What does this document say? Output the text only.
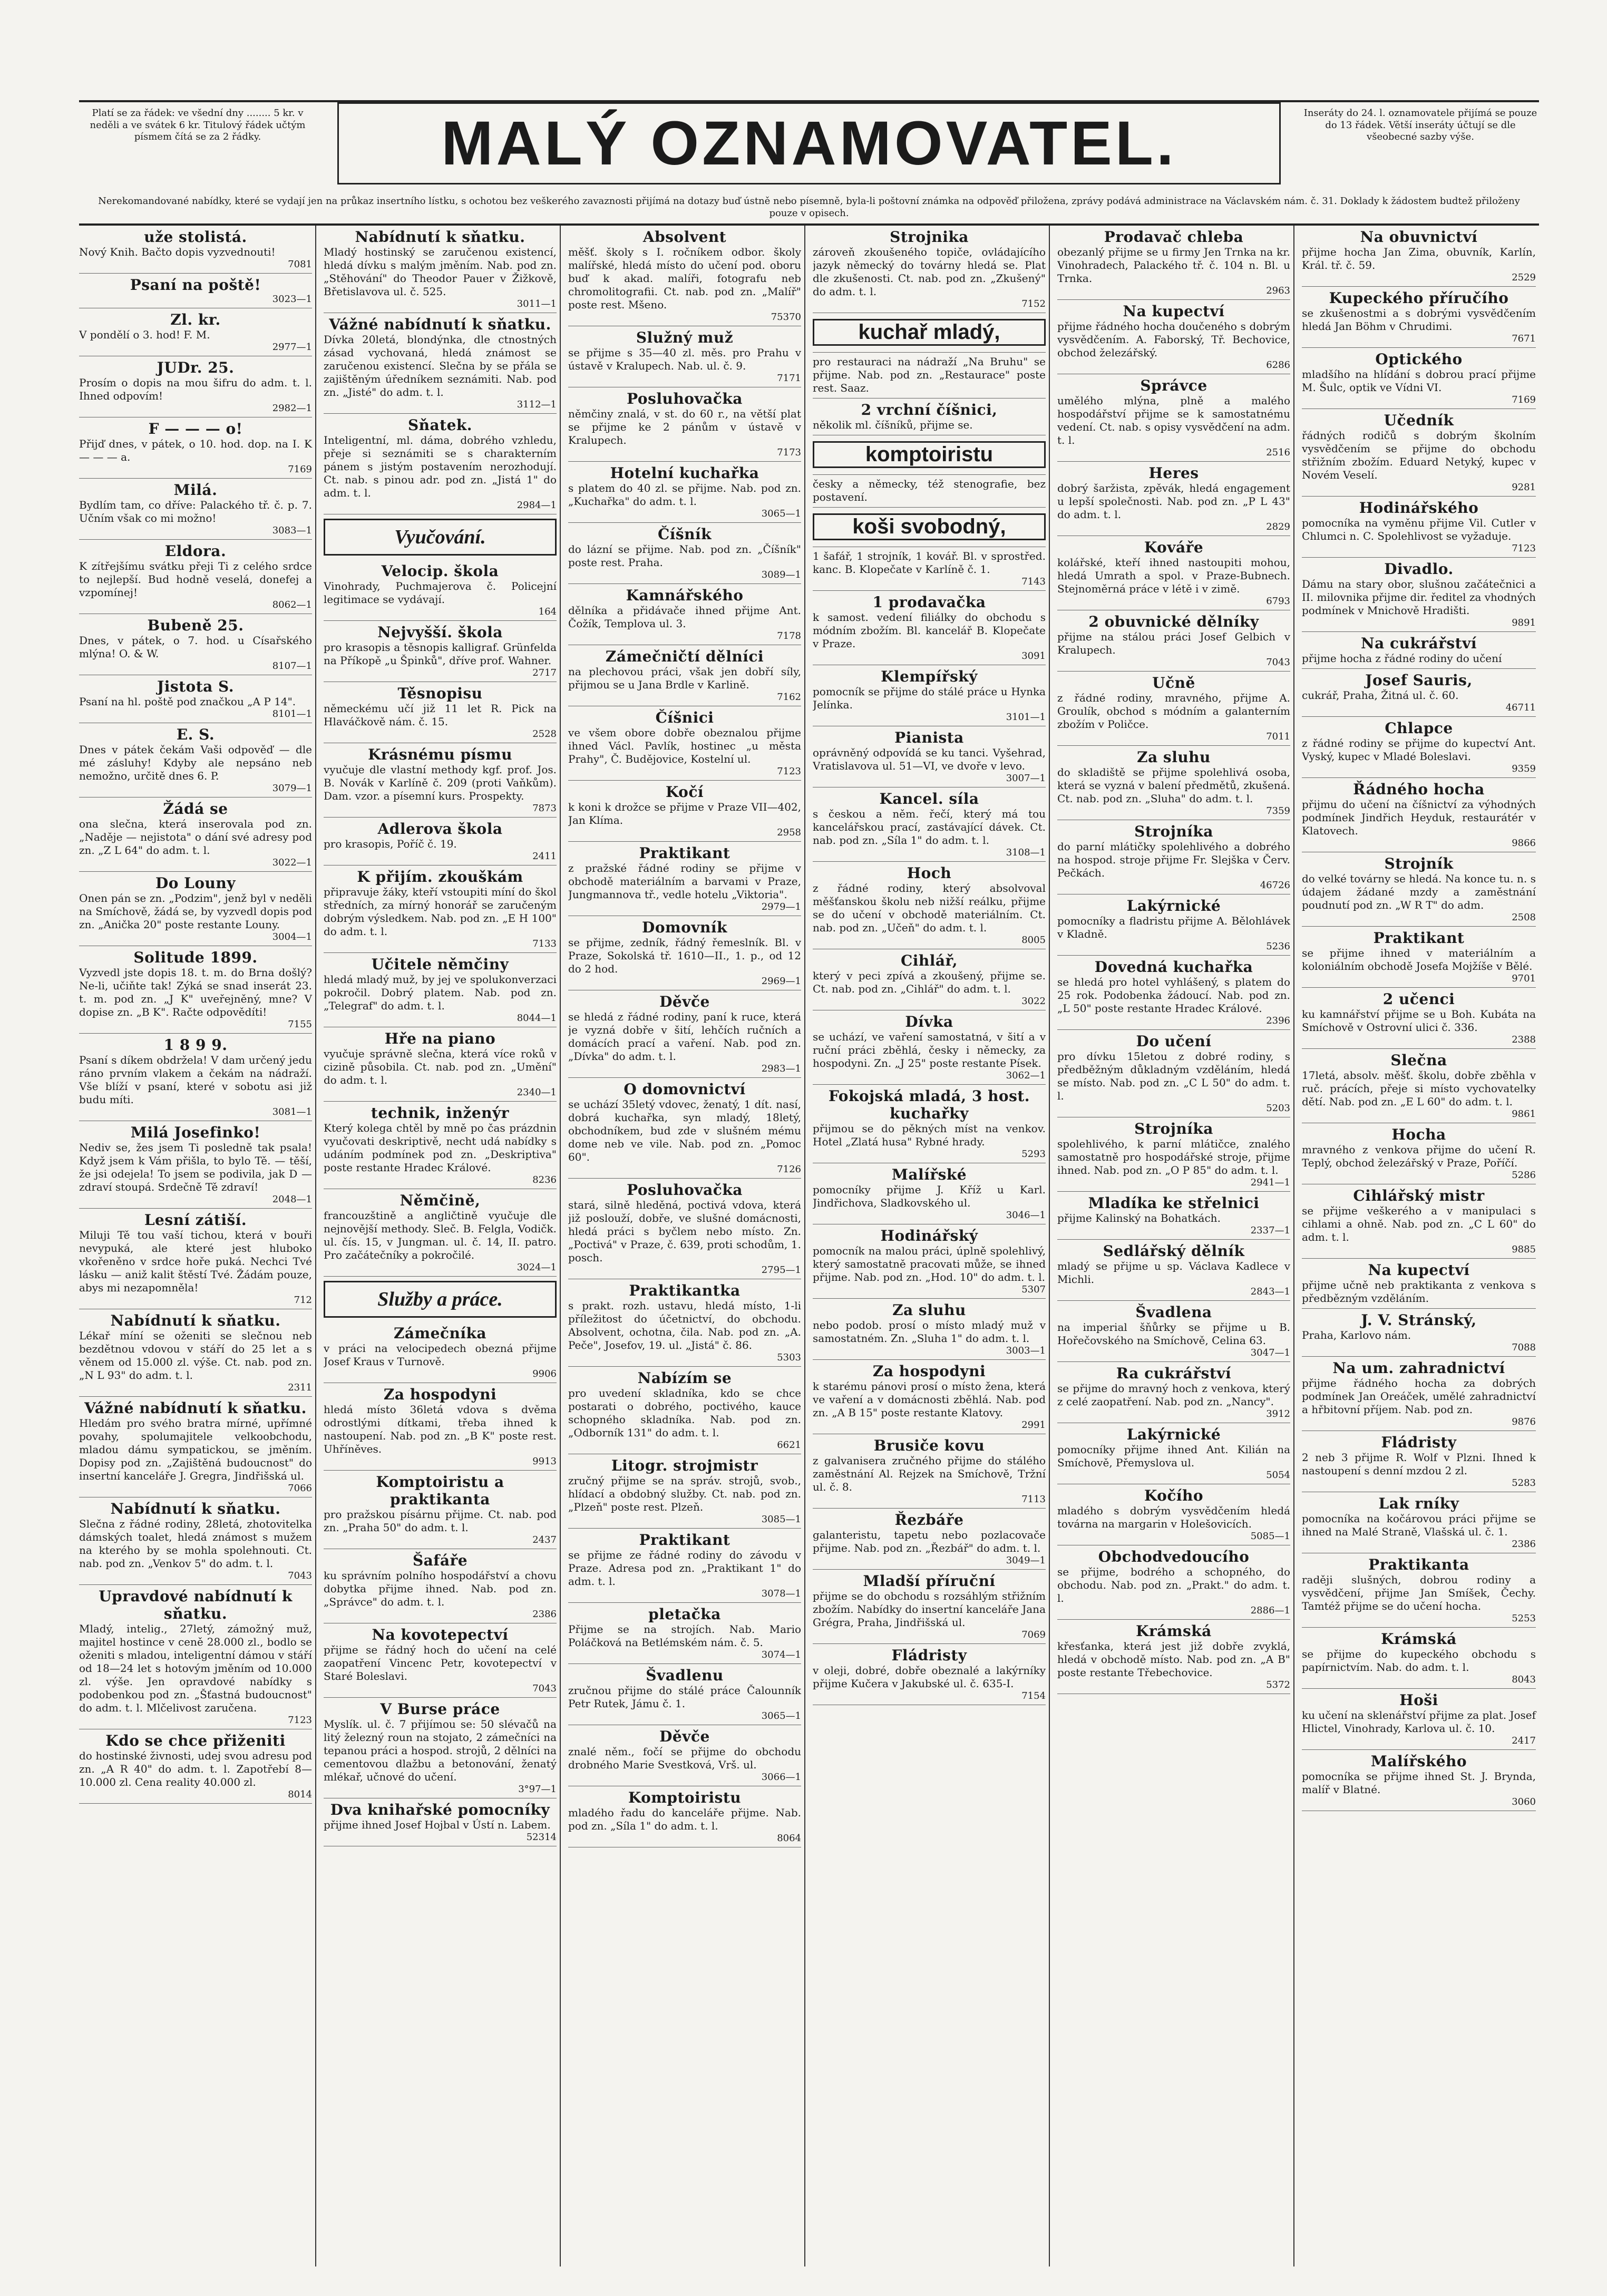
Platí se za řádek: ve všední dny ........ 5 kr. v neděli a ve svátek 6 kr. Titulový řádek učtým písmem čítá se za 2 řádky.	MALÝ OZNAMOVATEL.	Inseráty do 24. l. oznamovatele přijímá se pouze do 13 řádek. Větší inseráty účtují se dle všeobecné sazby výše.
Nerekomandované nabídky, které se vydají jen na průkaz insertního lístku, s ochotou bez veškerého zavaznosti přijímá na dotazy buď ústně nebo písemně, byla-li poštovní známka na odpověď přiložena, zprávy podává administrace na Václavském nám. č. 31. Doklady k žádostem budtež přiloženy pouze v opisech.
uže stolistá.
Nový Knih. Bačto dopis vyzvednouti!
7081
Psaní na poště!
3023—1
Zl. kr.
V pondělí o 3. hod! F. M.
2977—1
JUDr. 25.
Prosím o dopis na mou šifru do adm. t. l. Ihned odpovím!
2982—1
F — — — o!
Přijď dnes, v pátek, o 10. hod. dop. na I. K — — — a.
7169
Milá.
Bydlím tam, co dříve: Palackého tř. č. p. 7. Učním však co mi možno!
3083—1
Eldora.
K zítřejšímu svátku přeji Ti z celého srdce to nejlepší. Bud hodně veselá, donefej a vzpomínej!
8062—1
Bubeně 25.
Dnes, v pátek, o 7. hod. u Císařského mlýna! O. & W.
8107—1
Jistota S.
Psaní na hl. poště pod značkou „A P 14".
8101—1
E. S.
Dnes v pátek čekám Vaši odpověď — dle mé zásluhy! Kdyby ale nepsáno neb nemožno, určitě dnes 6. P.
3079—1
Žádá se
ona slečna, která inserovala pod zn. „Naděje — nejistota" o dání své adresy pod zn. „Z L 64" do adm. t. l.
3022—1
Do Louny
Onen pán se zn. „Podzim", jenž byl v neděli na Smíchově, žádá se, by vyzvedl dopis pod zn. „Anička 20" poste restante Louny.
3004—1
Solitude 1899.
Vyzvedl jste dopis 18. t. m. do Brna došlý? Ne-li, učiňte tak! Zýká se snad inserát 23. t. m. pod zn. „J K" uveřejněný, mne? V dopise zn. „B K". Račte odpovědíti!
7155
1 8 9 9.
Psaní s díkem obdržela! V dam určený jedu ráno prvním vlakem a čekám na nádraží. Vše blíží v psaní, které v sobotu asi již budu míti.
3081—1
Milá Josefinko!
Nediv se, žes jsem Ti posledně tak psala! Když jsem k Vám přišla, to bylo Tě. — těší, že jsi odejela! To jsem se podivila, jak D — zdraví stoupá. Srdečně Tě zdraví!
2048—1
Lesní zátiší.
Miluji Tě tou vaší tichou, která v bouři nevypuká, ale které jest hluboko vkořeněno v srdce hoře puká. Nechci Tvé lásku — aniž kalit štěstí Tvé. Žádám pouze, abys mi nezapomněla!
712
Nabídnutí k sňatku.
Lékař míní se oženiti se slečnou neb bezdětnou vdovou v stáří do 25 let a s věnem od 15.000 zl. výše. Ct. nab. pod zn. „N L 93" do adm. t. l.
2311
Vážné nabídnutí k sňatku.
Hledám pro svého bratra mírné, upřímné povahy, spolumajitele velkoobchodu, mladou dámu sympatickou, se jměním. Dopisy pod zn. „Zajištěná budoucnost" do insertní kanceláře J. Gregra, Jindřišská ul.
7066
Nabídnutí k sňatku.
Slečna z řádné rodiny, 28letá, zhotovitelka dámských toalet, hledá známost s mužem na kterého by se mohla spolehnouti. Ct. nab. pod zn. „Venkov 5" do adm. t. l.
7043
Upravdové nabídnutí k sňatku.
Mladý, intelig., 27letý, zámožný muž, majitel hostince v ceně 28.000 zl., bodlo se oženiti s mladou, inteligentní dámou v stáří od 18—24 let s hotovým jměním od 10.000 zl. výše. Jen opravdové nabídky s podobenkou pod zn. „Šťastná budoucnost" do adm. t. l. Mlčelivost zaručena.
7123
Kdo se chce přiženiti
do hostinské živnosti, udej svou adresu pod zn. „A R 40" do adm. t. l. Zapotřebí 8—10.000 zl. Cena reality 40.000 zl.
8014
Nabídnutí k sňatku.
Mladý hostinský se zaručenou existencí, hledá dívku s malým jměním. Nab. pod zn. „Stěhování" do Theodor Pauer v Žižkově, Břetislavova ul. č. 525.
3011—1
Vážné nabídnutí k sňatku.
Dívka 20letá, blondýnka, dle ctnostných zásad vychovaná, hledá známost se zaručenou existencí. Slečna by se přála se zajištěným úředníkem seznámiti. Nab. pod zn. „Jisté" do adm. t. l.
3112—1
Sňatek.
Inteligentní, ml. dáma, dobrého vzhledu, přeje si seznámiti se s charakterním pánem s jistým postavením nerozhodují. Ct. nab. s pinou adr. pod zn. „Jistá 1" do adm. t. l.
2984—1
Vyučování.
Velocip. škola
Vinohrady, Puchmajerova č. Policejní legitimace se vydávají.
164
Nejvyšší. škola
pro krasopis a těsnopis kalligraf. Grünfelda na Příkopě „u Špinků", dříve prof. Wahner.
2717
Těsnopisu
německému učí již 11 let R. Pick na Hlaváčkově nám. č. 15.
2528
Krásnému písmu
vyučuje dle vlastní methody kgf. prof. Jos. B. Novák v Karlíně č. 209 (proti Vaňkům). Dam. vzor. a písemní kurs. Prospekty.
7873
Adlerova škola
pro krasopis, Poříč č. 19.
2411
K přijím. zkouškám
připravuje žáky, kteří vstoupiti míní do škol středních, za mírný honorář se zaručeným dobrým výsledkem. Nab. pod zn. „E H 100" do adm. t. l.
7133
Učitele němčiny
hledá mladý muž, by jej ve spolukonverzaci pokročil. Dobrý platem. Nab. pod zn. „Telegraf" do adm. t. l.
8044—1
Hře na piano
vyučuje správně slečna, která více roků v cizině působila. Ct. nab. pod zn. „Umění" do adm. t. l.
2340—1
technik, inženýr
Který kolega chtěl by mně po čas prázdnin vyučovati deskriptivě, necht udá nabídky s udáním podmínek pod zn. „Deskriptiva" poste restante Hradec Králové.
8236
Němčině,
francouzštině a angličtině vyučuje dle nejnovější methody. Sleč. B. Felgla, Vodičk. ul. čís. 15, v Jungman. ul. č. 14, II. patro. Pro začátečníky a pokročilé.
3024—1
Služby a práce.
Zámečníka
v práci na velocipedech obezná přijme Josef Kraus v Turnově.
9906
Za hospodyni
hledá místo 36letá vdova s dvěma odrostlými dítkami, třeba ihned k nastoupení. Nab. pod zn. „B K" poste rest. Uhříněves.
9913
Komptoiristu a praktikanta
pro pražskou písárnu přijme. Ct. nab. pod zn. „Praha 50" do adm. t. l.
2437
Šafáře
ku správním polního hospodářství a chovu dobytka přijme ihned. Nab. pod zn. „Správce" do adm. t. l.
2386
Na kovotepectví
přijme se řádný hoch do učení na celé zaopatření Vincenc Petr, kovotepectví v Staré Boleslavi.
7043
V Burse práce
Myslík. ul. č. 7 přijímou se: 50 slévačů na litý železný roun na stojato, 2 zámečníci na tepanou práci a hospod. strojů, 2 dělníci na cementovou dlažbu a betonování, ženatý mlékař, učnové do učení.
3°97—1
Dva knihařské pomocníky
přijme ihned Josef Hojbal v Ústí n. Labem.
52314
Absolvent
měšť. školy s I. ročníkem odbor. školy malířské, hledá místo do učení pod. oboru buď k akad. malíři, fotografu neb chromolitografii. Ct. nab. pod zn. „Malíř" poste rest. Mšeno.
75370
Služný muž
se přijme s 35—40 zl. měs. pro Prahu v ústavě v Kralupech. Nab. ul. č. 9.
7171
Posluhovačka
němčiny znalá, v st. do 60 r., na větší plat se přijme ke 2 pánům v ústavě v Kralupech.
7173
Hotelní kuchařka
s platem do 40 zl. se přijme. Nab. pod zn. „Kuchařka" do adm. t. l.
3065—1
Číšník
do lázní se přijme. Nab. pod zn. „Číšník" poste rest. Praha.
3089—1
Kamnářského
dělníka a přidávače ihned přijme Ant. Čožík, Templova ul. 3.
7178
Zámečničtí dělníci
na plechovou práci, však jen dobří síly, přijmou se u Jana Brdle v Karlině.
7162
Číšnici
ve všem obore dobře obeznalou přijme ihned Václ. Pavlík, hostinec „u města Prahy", Č. Budějovice, Kostelní ul.
7123
Kočí
k koni k drožce se přijme v Praze VII—402, Jan Klíma.
2958
Praktikant
z pražské řádné rodiny se přijme v obchodě materiálním a barvami v Praze, Jungmannova tř., vedle hotelu „Viktoria".
2979—1
Domovník
se přijme, zedník, řádný řemeslník. Bl. v Praze, Sokolská tř. 1610—II., 1. p., od 12 do 2 hod.
2969—1
Děvče
se hledá z řádné rodiny, paní k ruce, která je vyzná dobře v šití, lehčích ručních a domácích prací a vaření. Nab. pod zn. „Dívka" do adm. t. l.
2983—1
O domovnictví
se uchází 35letý vdovec, ženatý, 1 dít. nasí, dobrá kuchařka, syn mladý, 18letý, obchodníkem, bud zde v slušném mému dome neb ve vile. Nab. pod zn. „Pomoc 60".
7126
Posluhovačka
stará, silně hleděná, poctivá vdova, která již poslouží, dobře, ve slušné domácnosti, hledá práci s byčlem nebo místo. Zn. „Poctivá" v Praze, č. 639, proti schodům, 1. posch.
2795—1
Praktikantka
s prakt. rozh. ustavu, hledá místo, 1-li příležitost do účetnictví, do obchodu. Absolvent, ochotna, čila. Nab. pod zn. „A. Peče", Josefov, 19. ul. „Jistá" č. 86.
5303
Nabízím se
pro uvedení skladníka, kdo se chce postarati o dobrého, poctivého, kauce schopného skladníka. Nab. pod zn. „Odborník 131" do adm. t. l.
6621
Litogr. strojmistr
zručný přijme se na správ. strojů, svob., hlídací a obdobný služby. Ct. nab. pod zn. „Plzeň" poste rest. Plzeň.
3085—1
Praktikant
se přijme ze řádné rodiny do závodu v Praze. Adresa pod zn. „Praktikant 1" do adm. t. l.
3078—1
pletačka
Přijme se na strojích. Nab. Mario Poláčková na Betlémském nám. č. 5.
3074—1
Švadlenu
zručnou přijme do stálé práce Čalounník Petr Rutek, Jámu č. 1.
3065—1
Děvče
znalé něm., fočí se přijme do obchodu drobného Marie Svestková, Vrš. ul.
3066—1
Komptoiristu
mladého řadu do kanceláře přijme. Nab. pod zn. „Síla 1" do adm. t. l.
8064
Strojnika
zároveň zkoušeného topiče, ovládajícího jazyk německý do továrny hledá se. Plat dle zkušenosti. Ct. nab. pod zn. „Zkušený" do adm. t. l.
7152
kuchař mladý,
pro restauraci na nádraží „Na Bruhu" se přijme. Nab. pod zn. „Restaurace" poste rest. Saaz.
2 vrchní číšnici,
několik ml. číšníků, přijme se.
komptoiristu
česky a německy, též stenografie, bez postavení.
koši svobodný,
1 šafář, 1 strojník, 1 kovář. Bl. v sprostřed. kanc. B. Klopečate v Karlíně č. 1.
7143
1 prodavačka
k samost. vedení filiálky do obchodu s módním zbožím. Bl. kancelář B. Klopečate v Praze.
3091
Klempířský
pomocník se přijme do stálé práce u Hynka Jelínka.
3101—1
Pianista
oprávněný odpovídá se ku tanci. Vyšehrad, Vratislavova ul. 51—VI, ve dvoře v levo.
3007—1
Kancel. síla
s českou a něm. řečí, který má tou kancelářskou prací, zastávající dávek. Ct. nab. pod zn. „Síla 1" do adm. t. l.
3108—1
Hoch
z řádné rodiny, který absolvoval měšťanskou školu neb nižší reálku, přijme se do učení v obchodě materiálním. Ct. nab. pod zn. „Učeň" do adm. t. l.
8005
Cihlář,
který v peci zpívá a zkoušený, přijme se. Ct. nab. pod zn. „Cihlář" do adm. t. l.
3022
Dívka
se uchází, ve vaření samostatná, v šití a v ruční práci zběhlá, česky i německy, za hospodyni. Zn. „J 25" poste restante Písek.
3062—1
Fokojská mladá, 3 host. kuchařky
přijmou se do pěkných míst na venkov. Hotel „Zlatá husa" Rybné hrady.
5293
Malířské
pomocníky přijme J. Kříž u Karl. Jindřichova, Sladkovského ul.
3046—1
Hodinářský
pomocník na malou práci, úplně spolehlivý, který samostatně pracovati může, se ihned přijme. Nab. pod zn. „Hod. 10" do adm. t. l.
5307
Za sluhu
nebo podob. prosí o místo mladý muž v samostatném. Zn. „Sluha 1" do adm. t. l.
3003—1
Za hospodyni
k starému pánovi prosí o místo žena, která ve vaření a v domácnosti zběhlá. Nab. pod zn. „A B 15" poste restante Klatovy.
2991
Brusiče kovu
z galvanisera zručného přijme do stálého zaměstnání Al. Rejzek na Smíchově, Tržní ul. č. 8.
7113
Řezbáře
galanteristu, tapetu nebo pozlacovače přijme. Nab. pod zn. „Řezbář" do adm. t. l.
3049—1
Mladší příruční
přijme se do obchodu s rozsáhlým střižním zbožím. Nabídky do insertní kanceláře Jana Grégra, Praha, Jindřišská ul.
7069
Fládristy
v oleji, dobré, dobře obeznalé a lakýrníky přijme Kučera v Jakubské ul. č. 635-I.
7154
Prodavač chleba
obezanlý přijme se u firmy Jen Trnka na kr. Vinohradech, Palackého tř. č. 104 n. Bl. u Trnka.
2963
Na kupectví
přijme řádného hocha doučeného s dobrým vysvědčením. A. Faborský, Tř. Bechovice, obchod železářský.
6286
Správce
umělého mlýna, plně a malého hospodářství přijme se k samostatnému vedení. Ct. nab. s opisy vysvědčení na adm. t. l.
2516
Heres
dobrý šaržista, zpěvák, hledá engagement u lepší společnosti. Nab. pod zn. „P L 43" do adm. t. l.
2829
Kováře
kolářské, kteří ihned nastoupiti mohou, hledá Umrath a spol. v Praze-Bubnech. Stejnoměrná práce v létě i v zimě.
6793
2 obuvnické dělníky
přijme na stálou práci Josef Gelbich v Kralupech.
7043
Učně
z řádné rodiny, mravného, přijme A. Groulík, obchod s módním a galanterním zbožím v Poličce.
7011
Za sluhu
do skladiště se přijme spolehlivá osoba, která se vyzná v balení předmětů, zkušená. Ct. nab. pod zn. „Sluha" do adm. t. l.
7359
Strojníka
do parní mlátičky spolehlivého a dobrého na hospod. stroje přijme Fr. Slejška v Červ. Pečkách.
46726
Lakýrnické
pomocníky a fladristu přijme A. Bělohlávek v Kladně.
5236
Dovedná kuchařka
se hledá pro hotel vyhlášený, s platem do 25 rok. Podobenka žádoucí. Nab. pod zn. „L 50" poste restante Hradec Králové.
2396
Do učení
pro dívku 15letou z dobré rodiny, s předběžným důkladným vzděláním, hledá se místo. Nab. pod zn. „C L 50" do adm. t. l.
5203
Strojníka
spolehlivého, k parní mlátičce, znalého samostatně pro hospodářské stroje, přijme ihned. Nab. pod zn. „O P 85" do adm. t. l.
2941—1
Mladíka ke střelnici
přijme Kalinský na Bohatkách.
2337—1
Sedlářský dělník
mladý se přijme u sp. Václava Kadlece v Michli.
2843—1
Švadlena
na imperial šňůrky se přijme u B. Hořečovského na Smíchově, Celina 63.
3047—1
Ra cukrářství
se přijme do mravný hoch z venkova, který z celé zaopatření. Nab. pod zn. „Nancy".
3912
Lakýrnické
pomocníky přijme ihned Ant. Kilián na Smíchově, Přemyslova ul.
5054
Kočího
mladého s dobrým vysvědčením hledá továrna na margarin v Holešovicích.
5085—1
Obchodvedoucího
se přijme, bodrého a schopného, do obchodu. Nab. pod zn. „Prakt." do adm. t. l.
2886—1
Krámská
křesťanka, která jest již dobře zvyklá, hledá v obchodě místo. Nab. pod zn. „A B" poste restante Třebechovice.
5372
Na obuvnictví
přijme hocha Jan Zima, obuvník, Karlín, Král. tř. č. 59.
2529
Kupeckého příručího
se zkušenostmi a s dobrými vysvědčením hledá Jan Böhm v Chrudimi.
7671
Optického
mladšího na hlídání s dobrou prací přijme M. Šulc, optik ve Vídni VI.
7169
Učedník
řádných rodičů s dobrým školním vysvědčením se přijme do obchodu střižním zbožím. Eduard Netyký, kupec v Novém Veselí.
9281
Hodinářského
pomocníka na vyměnu přijme Vil. Cutler v Chlumci n. C. Spolehlivost se vyžaduje.
7123
Divadlo.
Dámu na stary obor, slušnou začátečnici a II. milovnika přijme dir. ředitel za vhodných podmínek v Mnichově Hradišti.
9891
Na cukrářství
přijme hocha z řádné rodiny do učení
Josef Sauris,
cukrář, Praha, Žitná ul. č. 60.
46711
Chlapce
z řádné rodiny se přijme do kupectví Ant. Vyský, kupec v Mladé Boleslavi.
9359
Řádného hocha
přijmu do učení na číšnictví za výhodných podmínek Jindřich Heyduk, restaurátér v Klatovech.
9866
Strojník
do velké továrny se hledá. Na konce tu. n. s údajem žádané mzdy a zaměstnání poudnutí pod zn. „W R T" do adm.
2508
Praktikant
se přijme ihned v materiálním a koloniálním obchodě Josefa Mojžíše v Bělé.
9701
2 učenci
ku kamnářství přijme se u Boh. Kubáta na Smíchově v Ostrovní ulici č. 336.
2388
Slečna
17letá, absolv. měšť. školu, dobře zběhla v ruč. prácích, přeje si místo vychovatelky dětí. Nab. pod zn. „E L 60" do adm. t. l.
9861
Hocha
mravného z venkova přijme do učení R. Teplý, obchod železářský v Praze, Poříčí.
5286
Cihlářský mistr
se přijme veškerého a v manipulaci s cihlami a ohně. Nab. pod zn. „C L 60" do adm. t. l.
9885
Na kupectví
přijme učně neb praktikanta z venkova s předbězným vzděláním.
J. V. Stránský,
Praha, Karlovo nám.
7088
Na um. zahradnictví
přijme řádného hocha za dobrých podmínek Jan Oreáček, umělé zahradnictví a hřbitovní příjem. Nab. pod zn.
9876
Fládristy
2 neb 3 přijme R. Wolf v Plzni. Ihned k nastoupení s denní mzdou 2 zl.
5283
Lak rníky
pomocníka na kočárovou práci přijme se ihned na Malé Straně, Vlašská ul. č. 1.
2386
Praktikanta
raději slušných, dobrou rodiny a vysvědčení, přijme Jan Smíšek, Čechy. Tamtéž přijme se do učení hocha.
5253
Krámská
se přijme do kupeckého obchodu s papírnictvím. Nab. do adm. t. l.
8043
Hoši
ku učení na sklenářství přijme za plat. Josef Hlictel, Vinohrady, Karlova ul. č. 10.
2417
Malířského
pomocníka se přijme ihned St. J. Brynda, malíř v Blatné.
3060
